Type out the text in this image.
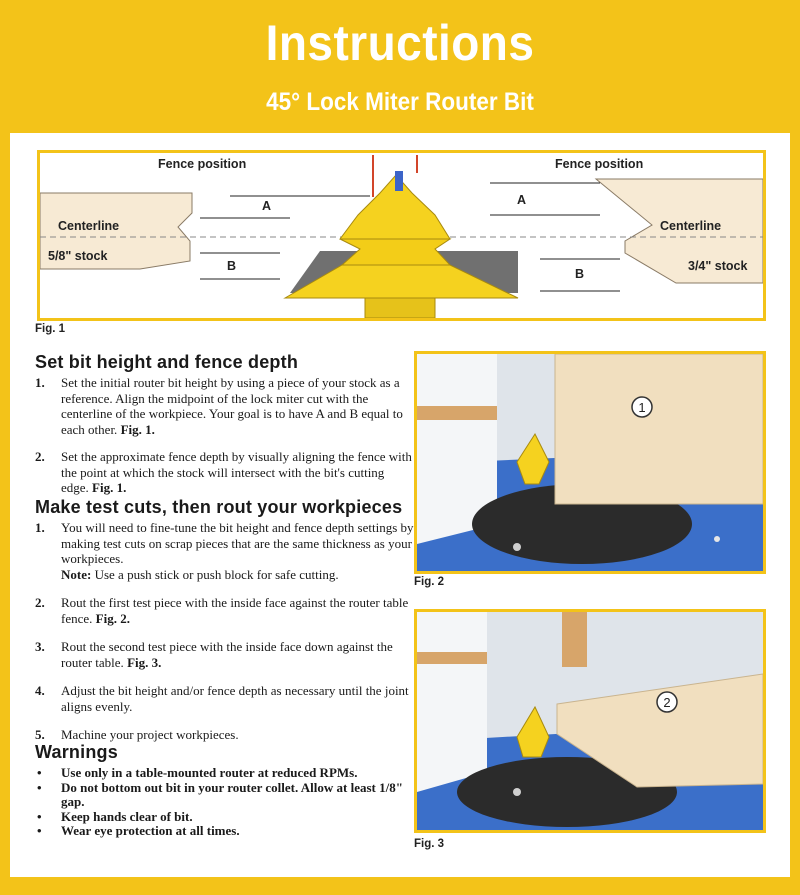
Instructions
45° Lock Miter Router Bit
Fence position	Fence position
Centerline	Centerline
5/8" stock
3/4" stock
A
B
A
B
Fig. 1
Set bit height and fence depth
1. Set the initial router bit height by using a piece of your stock as a reference. Align the midpoint of the lock miter cut with the centerline of the workpiece. Your goal is to have A and B equal to each other. Fig. 1.
2. Set the approximate fence depth by visually aligning the fence with the point at which the stock will intersect with the bit's cutting edge. Fig. 1.
Make test cuts, then rout your workpieces
1. You will need to fine-tune the bit height and fence depth settings by making test cuts on scrap pieces that are the same thickness as your workpieces.
Note: Use a push stick or push block for safe cutting.
2. Rout the first test piece with the inside face against the router table fence. Fig. 2.
3. Rout the second test piece with the inside face down against the router table. Fig. 3.
4. Adjust the bit height and/or fence depth as necessary until the joint aligns evenly.
5. Machine your project workpieces.
Warnings
• Use only in a table-mounted router at reduced RPMs.
• Do not bottom out bit in your router collet. Allow at least 1/8" gap.
• Keep hands clear of bit.
• Wear eye protection at all times.
1
Fig. 2
2
Fig. 3
